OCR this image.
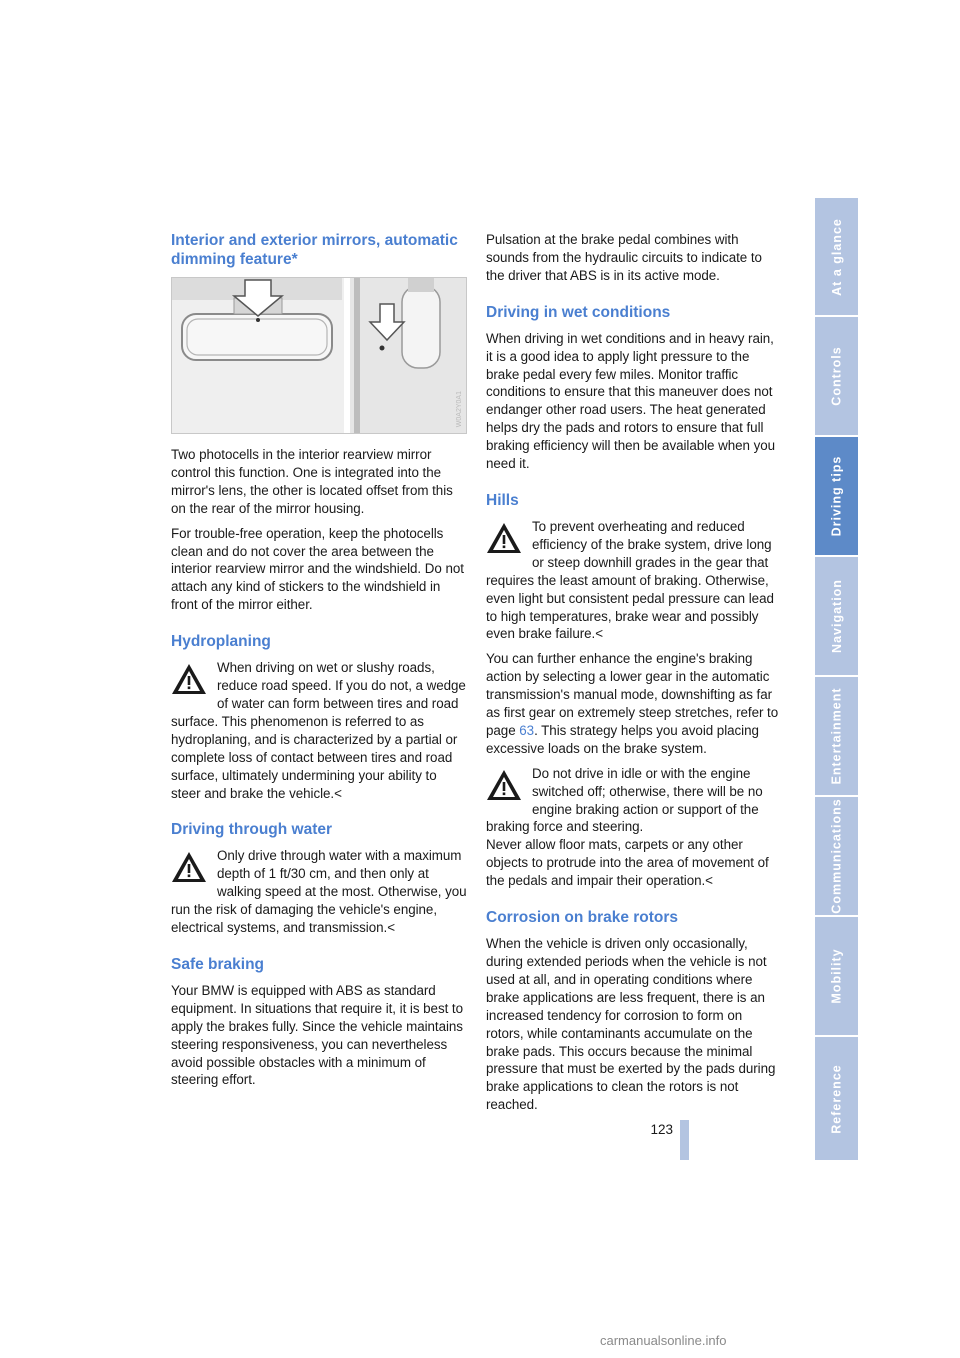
Interior and exterior mirrors, automatic dimming feature*
W0A2Y0A1

Two photocells in the interior rearview mirror control this function. One is integrated into the mirror's lens, the other is located offset from this on the rear of the mirror housing.

For trouble-free operation, keep the photocells clean and do not cover the area between the interior rearview mirror and the windshield. Do not attach any kind of stickers to the windshield in front of the mirror either.

Hydroplaning

When driving on wet or slushy roads, reduce road speed. If you do not, a wedge of water can form between tires and road surface. This phenomenon is referred to as hydroplaning, and is characterized by a partial or complete loss of contact between tires and road surface, ultimately undermining your ability to steer and brake the vehicle.<

Driving through water

Only drive through water with a maximum depth of 1 ft/30 cm, and then only at walking speed at the most. Otherwise, you run the risk of damaging the vehicle's engine, electrical systems, and transmission.<

Safe braking

Your BMW is equipped with ABS as standard equipment. In situations that require it, it is best to apply the brakes fully. Since the vehicle maintains steering responsiveness, you can nevertheless avoid possible obstacles with a minimum of steering effort.

Pulsation at the brake pedal combines with sounds from the hydraulic circuits to indicate to the driver that ABS is in its active mode.

Driving in wet conditions

When driving in wet conditions and in heavy rain, it is a good idea to apply light pressure to the brake pedal every few miles. Monitor traffic conditions to ensure that this maneuver does not endanger other road users. The heat generated helps dry the pads and rotors to ensure that full braking efficiency will then be available when you need it.

Hills

To prevent overheating and reduced efficiency of the brake system, drive long or steep downhill grades in the gear that requires the least amount of braking. Otherwise, even light but consistent pedal pressure can lead to high temperatures, brake wear and possibly even brake failure.<

You can further enhance the engine's braking action by selecting a lower gear in the automatic transmission's manual mode, downshifting as far as first gear on extremely steep stretches, refer to page 63. This strategy helps you avoid placing excessive loads on the brake system.

Do not drive in idle or with the engine switched off; otherwise, there will be no engine braking action or support of the braking force and steering.

Never allow floor mats, carpets or any other objects to protrude into the area of movement of the pedals and impair their operation.<

Corrosion on brake rotors

When the vehicle is driven only occasionally, during extended periods when the vehicle is not used at all, and in operating conditions where brake applications are less frequent, there is an increased tendency for corrosion to form on rotors, while contaminants accumulate on the brake pads. This occurs because the minimal pressure that must be exerted by the pads during brake applications to clean the rotors is not reached.

At a glance
Controls
Driving tips
Navigation
Entertainment
Communications
Mobility
Reference
123
carmanualsonline.info
